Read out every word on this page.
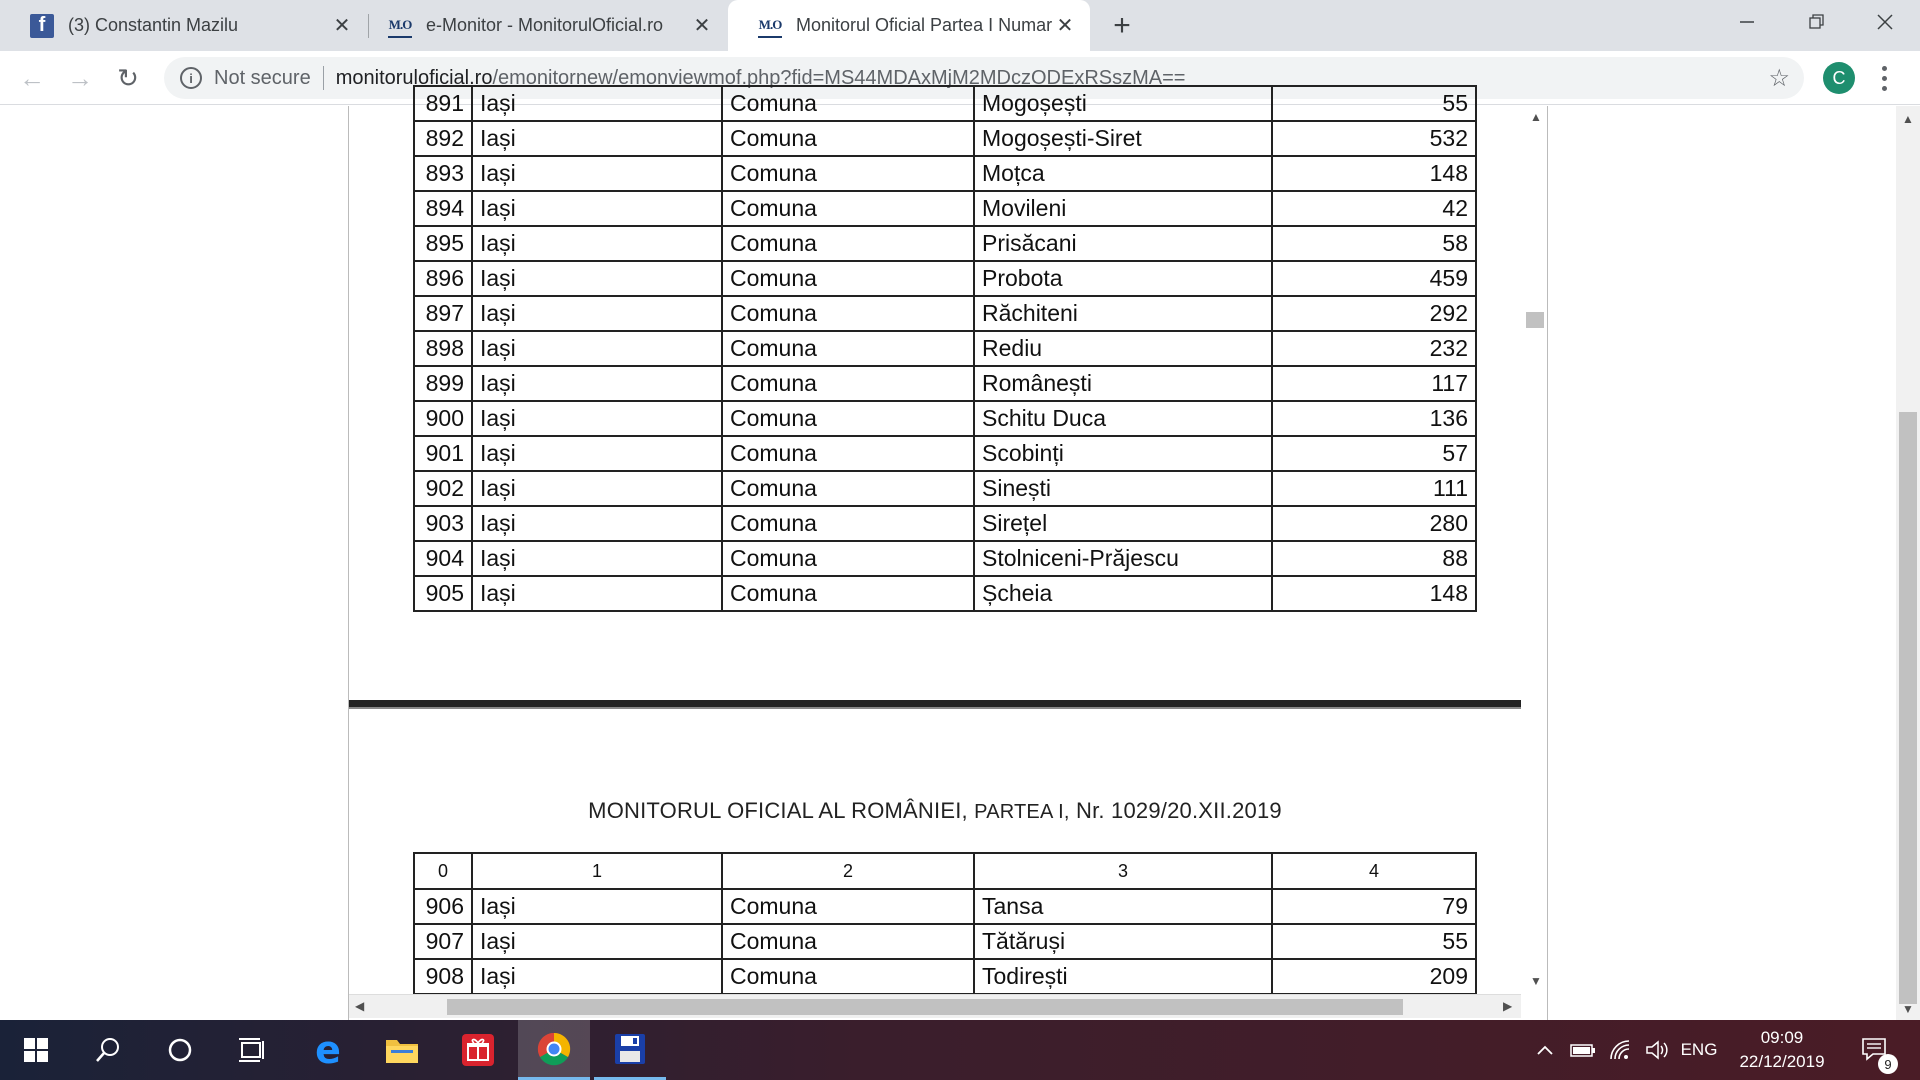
f	(3) Constantin Mazilu	✕	M.O e-Monitor - MonitorulOficial.ro	✕	M.O Monitorul Oficial Partea I Numar ✕	+
← → ↻	i	Not secure monitoruloficial.ro /emonitornew/emonviewmof.php?fid=MS44MDAxMjM2MDczODExRSszMA==	☆	C
891	Iași	Comuna	Mogoșești	55
892	Iași	Comuna	Mogoșești-Siret	532
893	Iași	Comuna	Moțca	148
894	Iași	Comuna	Movileni	42
895	Iași	Comuna	Prisăcani	58
896	Iași	Comuna	Probota	459
897	Iași	Comuna	Răchiteni	292
898	Iași	Comuna	Rediu	232
899	Iași	Comuna	Românești	117
900	Iași	Comuna	Schitu Duca	136
901	Iași	Comuna	Scobinți	57
902	Iași	Comuna	Sinești	111
903	Iași	Comuna	Sirețel	280
904	Iași	Comuna	Stolniceni-Prăjescu	88
905	Iași	Comuna	Șcheia	148
MONITORUL OFICIAL AL ROMÂNIEI, PARTEA I, Nr. 1029/20.XII.2019
0	1	2	3	4
906	Iași	Comuna	Tansa	79
907	Iași	Comuna	Tătăruși	55
908	Iași	Comuna	Todirești	209
▲
▼
◀	▶
▲
▼
e	ENG
09:09
22/12/2019	9
